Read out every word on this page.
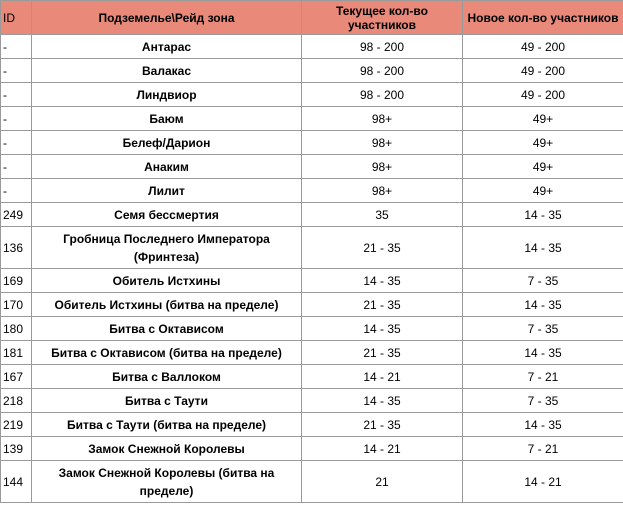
ID	Подземелье\Рейд зона	Текущее кол-во участников	Новое кол-во участников
-	Антарас	98 - 200	49 - 200
-	Валакас	98 - 200	49 - 200
-	Линдвиор	98 - 200	49 - 200
-	Баюм	98+	49+
-	Белеф/Дарион	98+	49+
-	Анаким	98+	49+
-	Лилит	98+	49+
249	Семя бессмертия	35	14 - 35
136	Гробница Последнего Императора (Фринтеза)	21 - 35	14 - 35
169	Обитель Истхины	14 - 35	7 - 35
170	Обитель Истхины (битва на пределе)	21 - 35	14 - 35
180	Битва с Октависом	14 - 35	7 - 35
181	Битва с Октависом (битва на пределе)	21 - 35	14 - 35
167	Битва с Валлоком	14 - 21	7 - 21
218	Битва с Таути	14 - 35	7 - 35
219	Битва с Таути (битва на пределе)	21 - 35	14 - 35
139	Замок Снежной Королевы	14 - 21	7 - 21
144	Замок Снежной Королевы (битва на пределе)	21	14 - 21
